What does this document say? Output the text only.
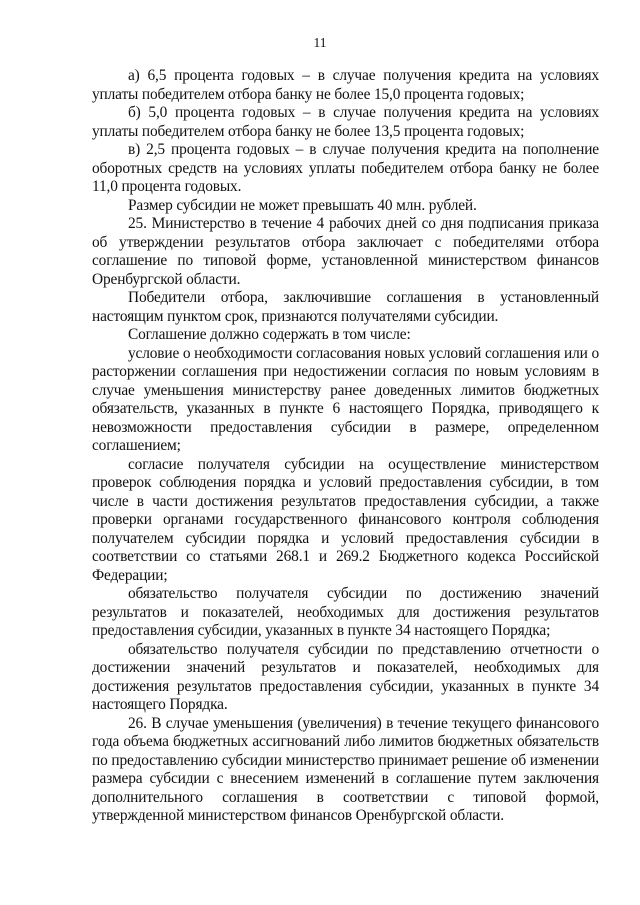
11

а) 6,5 процента годовых – в случае получения кредита на условиях уплаты победителем отбора банку не более 15,0 процента годовых;

б) 5,0 процента годовых – в случае получения кредита на условиях уплаты победителем отбора банку не более 13,5 процента годовых;

в) 2,5 процента годовых – в случае получения кредита на пополнение оборотных средств на условиях уплаты победителем отбора банку не более 11,0 процента годовых.

Размер субсидии не может превышать 40 млн. рублей.

25. Министерство в течение 4 рабочих дней со дня подписания приказа об утверждении результатов отбора заключает с победителями отбора соглашение по типовой форме, установленной министерством финансов Оренбургской области.

Победители отбора, заключившие соглашения в установленный настоящим пунктом срок, признаются получателями субсидии.

Соглашение должно содержать в том числе:

условие о необходимости согласования новых условий соглашения или о расторжении соглашения при недостижении согласия по новым условиям в случае уменьшения министерству ранее доведенных лимитов бюджетных обязательств, указанных в пункте 6 настоящего Порядка, приводящего к невозможности предоставления субсидии в размере, определенном соглашением;

согласие получателя субсидии на осуществление министерством проверок соблюдения порядка и условий предоставления субсидии, в том числе в части достижения результатов предоставления субсидии, а также проверки органами государственного финансового контроля соблюдения получателем субсидии порядка и условий предоставления субсидии в соответствии со статьями 268.1 и 269.2 Бюджетного кодекса Российской Федерации;

обязательство получателя субсидии по достижению значений результатов и показателей, необходимых для достижения результатов предоставления субсидии, указанных в пункте 34 настоящего Порядка;

обязательство получателя субсидии по представлению отчетности о достижении значений результатов и показателей, необходимых для достижения результатов предоставления субсидии, указанных в пункте 34 настоящего Порядка.

26. В случае уменьшения (увеличения) в течение текущего финансового года объема бюджетных ассигнований либо лимитов бюджетных обязательств по предоставлению субсидии министерство принимает решение об изменении размера субсидии с внесением изменений в соглашение путем заключения дополнительного соглашения в соответствии с типовой формой, утвержденной министерством финансов Оренбургской области.
